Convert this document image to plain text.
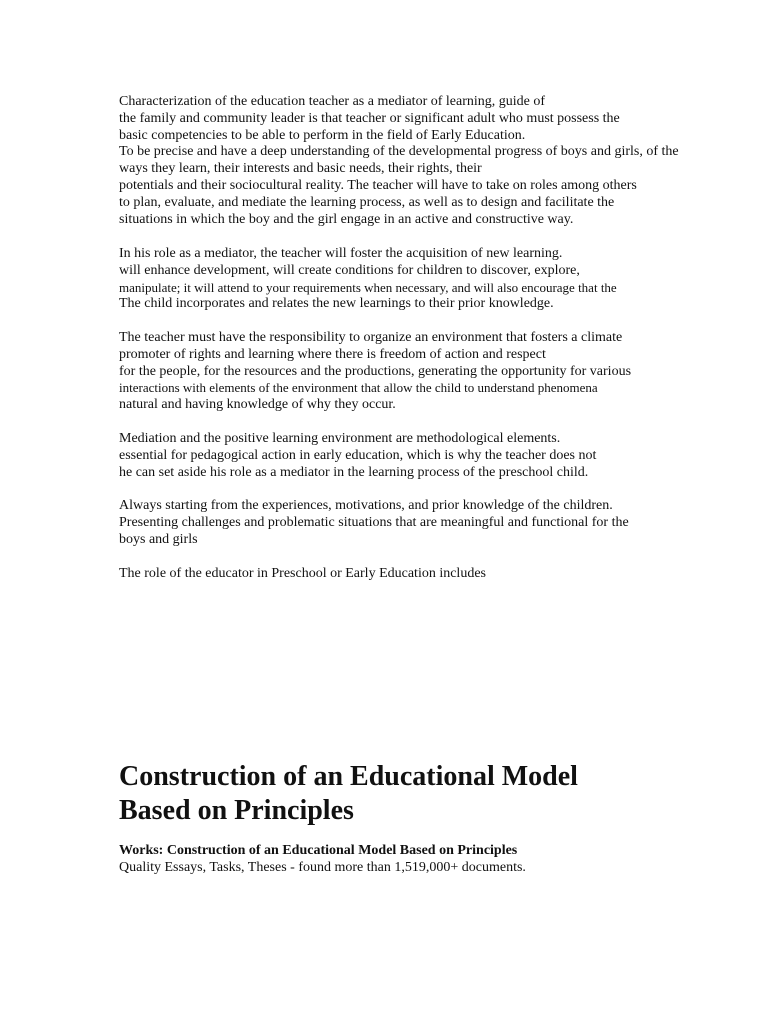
Characterization of the education teacher as a mediator of learning, guide of
the family and community leader is that teacher or significant adult who must possess the
basic competencies to be able to perform in the field of Early Education.
To be precise and have a deep understanding of the developmental progress of boys and girls, of the
ways they learn, their interests and basic needs, their rights, their
potentials and their sociocultural reality. The teacher will have to take on roles among others
to plan, evaluate, and mediate the learning process, as well as to design and facilitate the
situations in which the boy and the girl engage in an active and constructive way.
In his role as a mediator, the teacher will foster the acquisition of new learning.
will enhance development, will create conditions for children to discover, explore,
manipulate; it will attend to your requirements when necessary, and will also encourage that the
The child incorporates and relates the new learnings to their prior knowledge.
The teacher must have the responsibility to organize an environment that fosters a climate
promoter of rights and learning where there is freedom of action and respect
for the people, for the resources and the productions, generating the opportunity for various
interactions with elements of the environment that allow the child to understand phenomena
natural and having knowledge of why they occur.
Mediation and the positive learning environment are methodological elements.
essential for pedagogical action in early education, which is why the teacher does not
he can set aside his role as a mediator in the learning process of the preschool child.
Always starting from the experiences, motivations, and prior knowledge of the children.
Presenting challenges and problematic situations that are meaningful and functional for the
boys and girls
The role of the educator in Preschool or Early Education includes
Construction of an Educational Model
Based on Principles
Works: Construction of an Educational Model Based on Principles
Quality Essays, Tasks, Theses - found more than 1,519,000+ documents.
